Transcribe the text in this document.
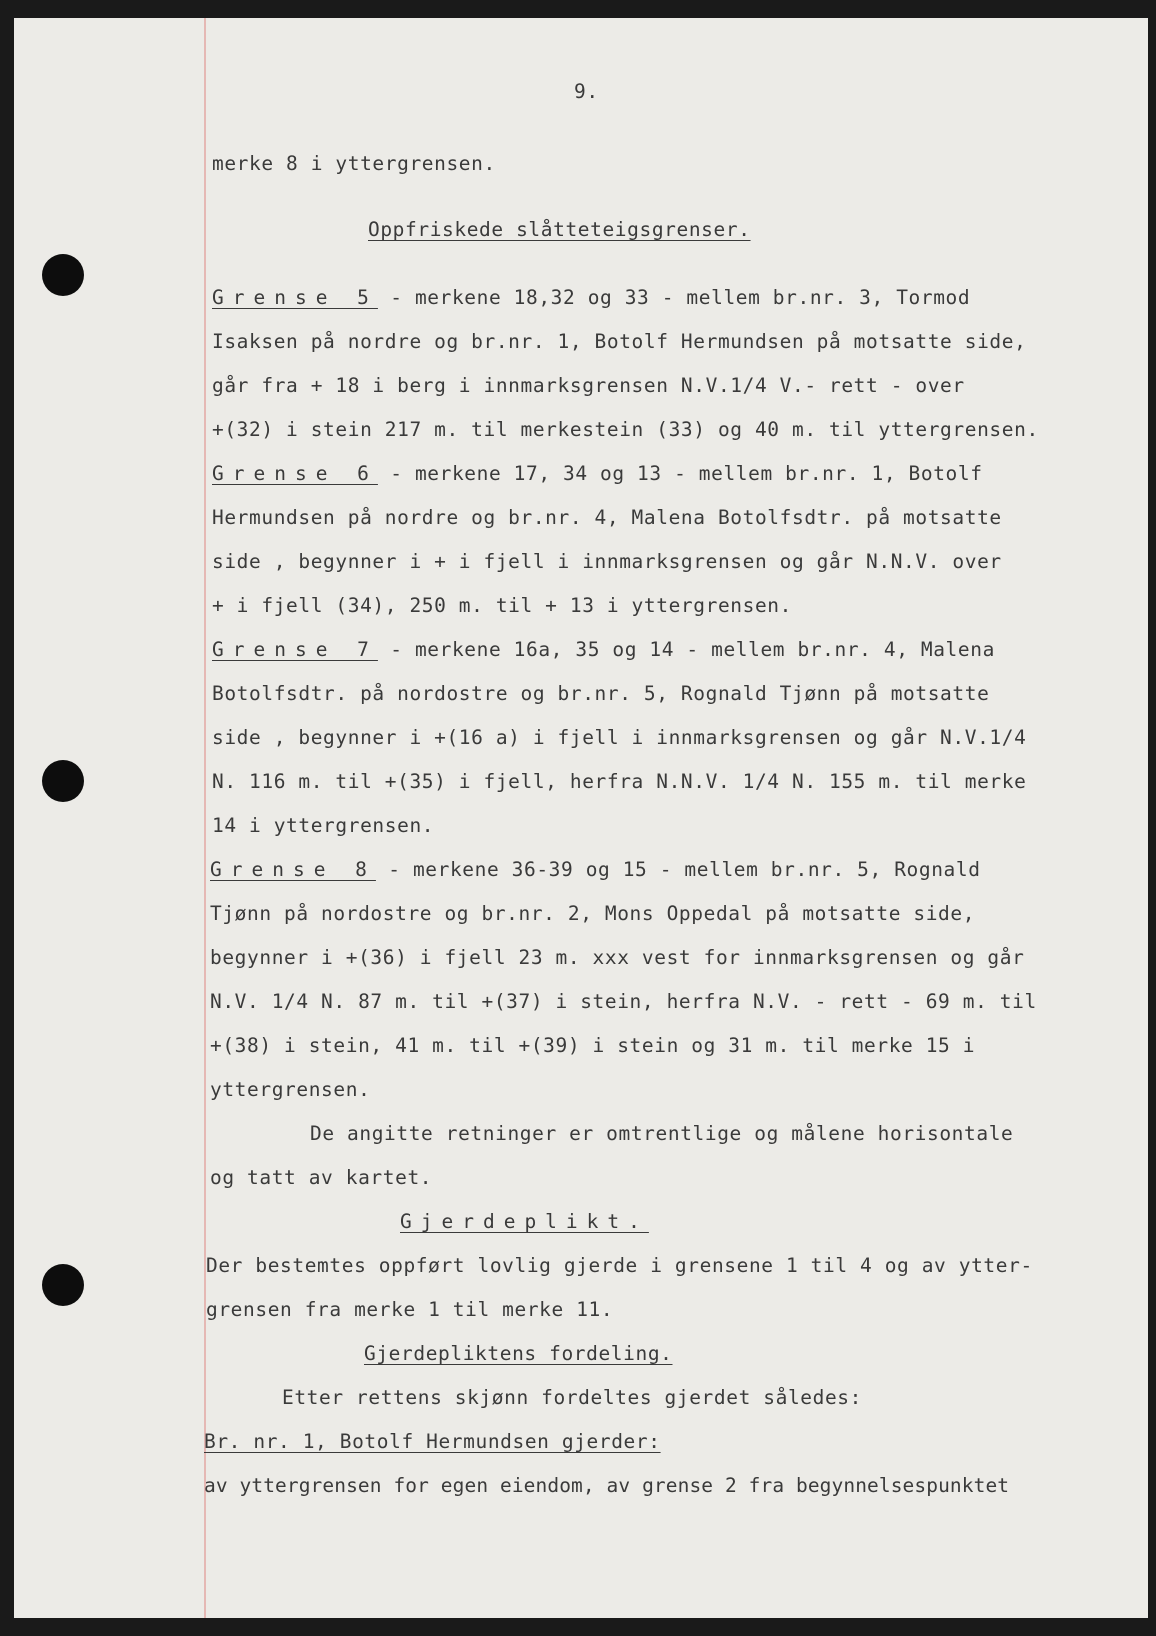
9.
merke 8 i yttergrensen.
Oppfriskede slåtteteigsgrenser.
Grense 5 - merkene 18,32 og 33 - mellem br.nr. 3, Tormod
Isaksen på nordre og br.nr. 1, Botolf Hermundsen på motsatte side,
går fra + 18 i berg i innmarksgrensen N.V.1/4 V.- rett - over
+(32) i stein 217 m. til merkestein (33) og 40 m. til yttergrensen.
Grense 6 - merkene 17, 34 og 13 - mellem br.nr. 1, Botolf
Hermundsen på nordre og br.nr. 4, Malena Botolfsdtr. på motsatte
side , begynner i + i fjell i innmarksgrensen og går N.N.V. over
+ i fjell (34), 250 m. til + 13 i yttergrensen.
Grense 7 - merkene 16a, 35 og 14 - mellem br.nr. 4, Malena
Botolfsdtr. på nordostre og br.nr. 5, Rognald Tjønn på motsatte
side , begynner i +(16 a) i fjell i innmarksgrensen og går N.V.1/4
N. 116 m. til +(35) i fjell, herfra N.N.V. 1/4 N. 155 m. til merke
14 i yttergrensen.
Grense 8 - merkene 36-39 og 15 - mellem br.nr. 5, Rognald
Tjønn på nordostre og br.nr. 2, Mons Oppedal på motsatte side,
begynner i +(36) i fjell 23 m. xxx vest for innmarksgrensen og går
N.V. 1/4 N. 87 m. til +(37) i stein, herfra N.V. - rett - 69 m. til
+(38) i stein, 41 m. til +(39) i stein og 31 m. til merke 15 i
yttergrensen.
De angitte retninger er omtrentlige og målene horisontale
og tatt av kartet.
Gjerdeplikt.
Der bestemtes oppført lovlig gjerde i grensene 1 til 4 og av ytter-
grensen fra merke 1 til merke 11.
Gjerdepliktens fordeling.
Etter rettens skjønn fordeltes gjerdet således:
Br. nr. 1, Botolf Hermundsen gjerder:
av yttergrensen for egen eiendom, av grense 2 fra begynnelsespunktet
